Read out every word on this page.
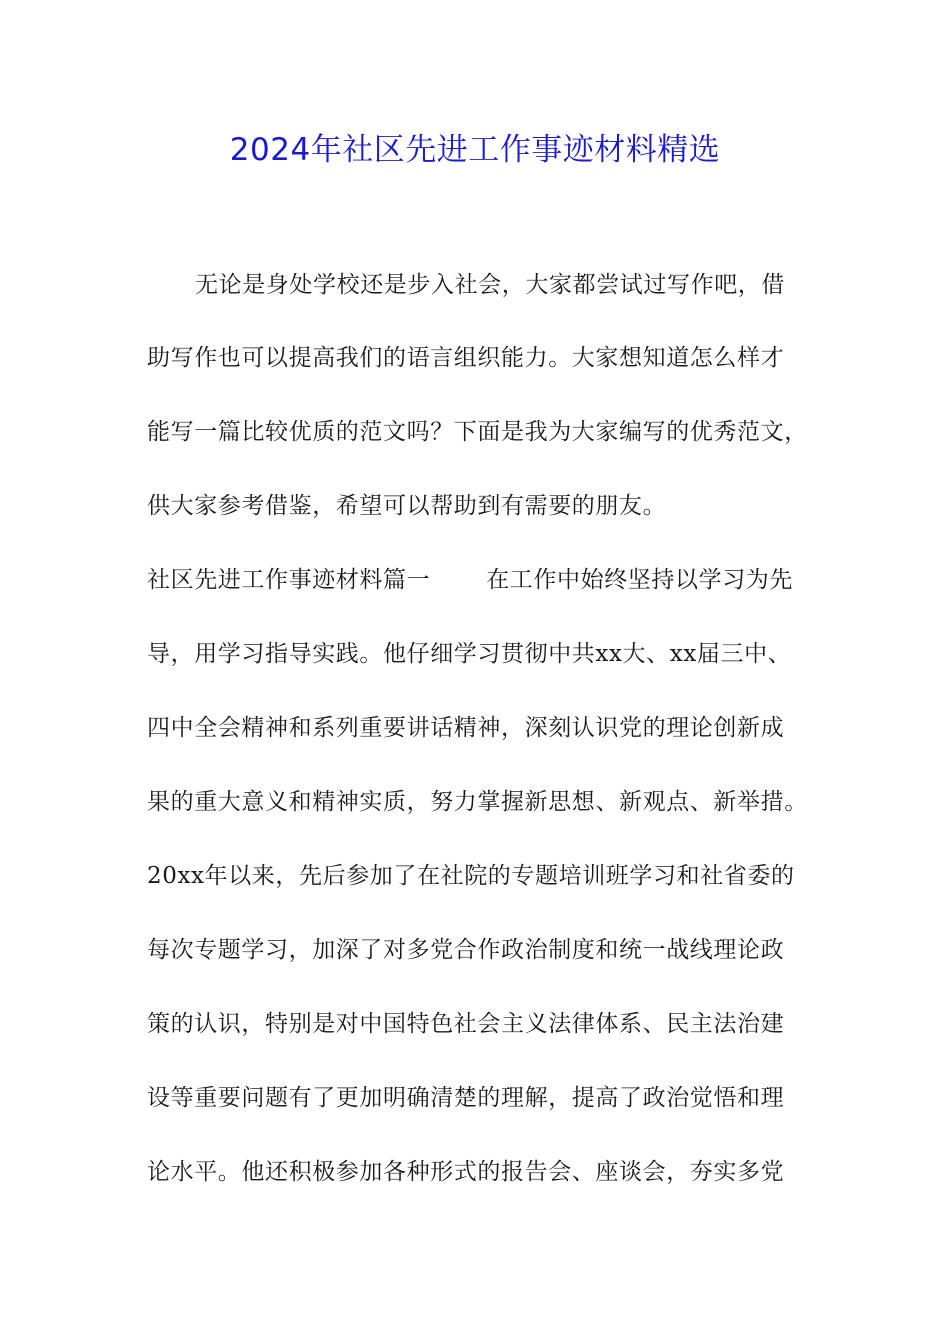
2024年社区先进工作事迹材料精选
无论是身处学校还是步入社会，大家都尝试过写作吧，借
助写作也可以提高我们的语言组织能力。大家想知道怎么样才
能写一篇比较优质的范文吗？下面是我为大家编写的优秀范文，
供大家参考借鉴，希望可以帮助到有需要的朋友。
社区先进工作事迹材料篇一 在工作中始终坚持以学习为先
导，用学习指导实践。他仔细学习贯彻中共xx大、xx届三中、
四中全会精神和系列重要讲话精神，深刻认识党的理论创新成
果的重大意义和精神实质，努力掌握新思想、新观点、新举措。
20xx年以来，先后参加了在社院的专题培训班学习和社省委的
每次专题学习，加深了对多党合作政治制度和统一战线理论政
策的认识，特别是对中国特色社会主义法律体系、民主法治建
设等重要问题有了更加明确清楚的理解，提高了政治觉悟和理
论水平。他还积极参加各种形式的报告会、座谈会，夯实多党
